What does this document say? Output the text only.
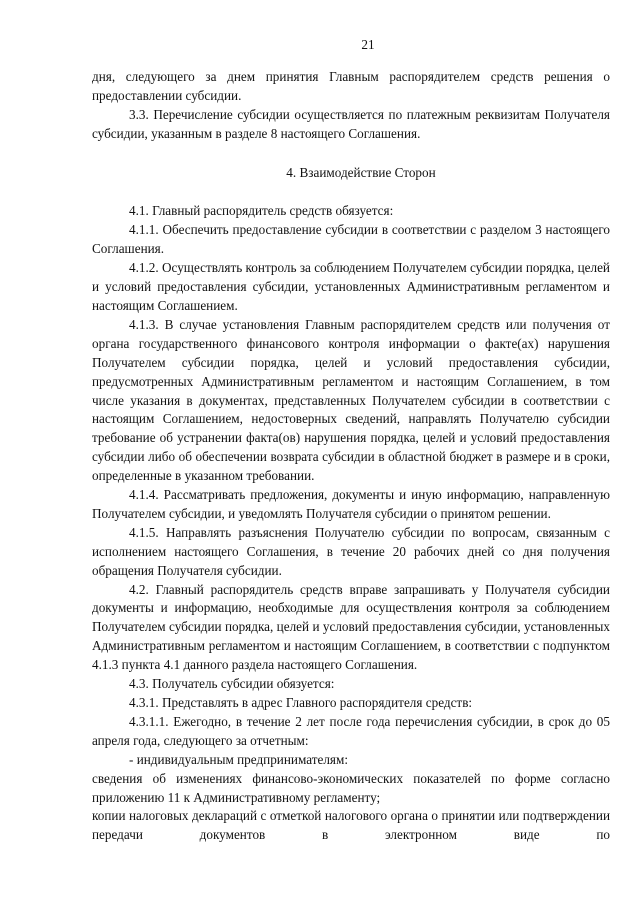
21

дня, следующего за днем принятия Главным распорядителем средств решения о предоставлении субсидии.

3.3. Перечисление субсидии осуществляется по платежным реквизитам Получателя субсидии, указанным в разделе 8 настоящего Соглашения.

4. Взаимодействие Сторон

4.1. Главный распорядитель средств обязуется:

4.1.1. Обеспечить предоставление субсидии в соответствии с разделом 3 настоящего Соглашения.

4.1.2. Осуществлять контроль за соблюдением Получателем субсидии порядка, целей и условий предоставления субсидии, установленных Административным регламентом и настоящим Соглашением.

4.1.3. В случае установления Главным распорядителем средств или получения от органа государственного финансового контроля информации о факте(ах) нарушения Получателем субсидии порядка, целей и условий предоставления субсидии, предусмотренных Административным регламентом и настоящим Соглашением, в том числе указания в документах, представленных Получателем субсидии в соответствии с настоящим Соглашением, недостоверных сведений, направлять Получателю субсидии требование об устранении факта(ов) нарушения порядка, целей и условий предоставления субсидии либо об обеспечении возврата субсидии в областной бюджет в размере и в сроки, определенные в указанном требовании.

4.1.4. Рассматривать предложения, документы и иную информацию, направленную Получателем субсидии, и уведомлять Получателя субсидии о принятом решении.

4.1.5. Направлять разъяснения Получателю субсидии по вопросам, связанным с исполнением настоящего Соглашения, в течение 20 рабочих дней со дня получения обращения Получателя субсидии.

4.2. Главный распорядитель средств вправе запрашивать у Получателя субсидии документы и информацию, необходимые для осуществления контроля за соблюдением Получателем субсидии порядка, целей и условий предоставления субсидии, установленных Административным регламентом и настоящим Соглашением, в соответствии с подпунктом 4.1.3 пункта 4.1 данного раздела настоящего Соглашения.

4.3. Получатель субсидии обязуется:

4.3.1. Представлять в адрес Главного распорядителя средств:

4.3.1.1. Ежегодно, в течение 2 лет после года перечисления субсидии, в срок до 05 апреля года, следующего за отчетным:

- индивидуальным предпринимателям:

сведения об изменениях финансово-экономических показателей по форме согласно приложению 11 к Административному регламенту;

копии налоговых деклараций с отметкой налогового органа о принятии или подтверждении передачи документов в электронном виде по
